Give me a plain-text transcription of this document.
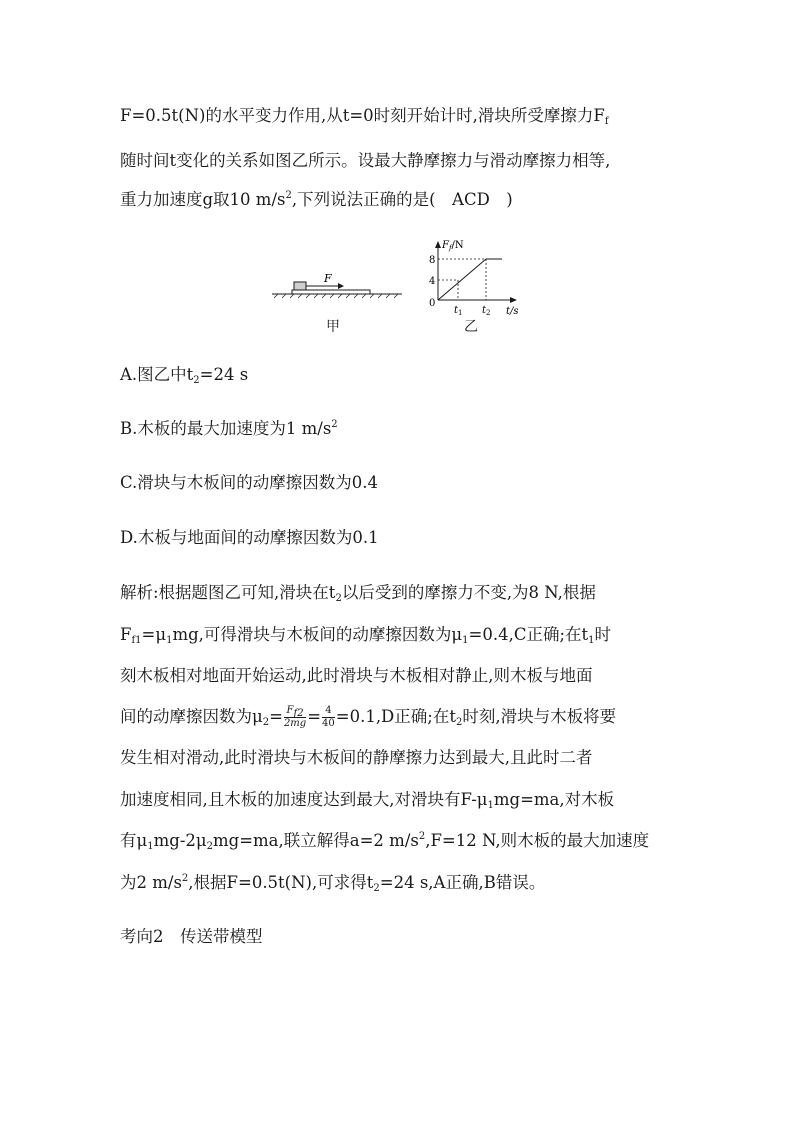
F=0.5t(N)的水平变力作用,从t=0时刻开始计时,滑块所受摩擦力$F_f$
随时间t变化的关系如图乙所示。设最大静摩擦力与滑动摩擦力相等,
重力加速度g取10 $m/s^2$,下列说法正确的是(　ACD　)
F
甲
$F_f/N$
8
4
0
$t_1$ $t_2$ t/s
乙
A.图乙中$t_2=24$ s
B.木板的最大加速度为1 $m/s^2$
C.滑块与木板间的动摩擦因数为0.4
D.木板与地面间的动摩擦因数为0.1
解析:根据题图乙可知,滑块在$t_2$以后受到的摩擦力不变,为8 N,根据
$F_{f1}=\mu_1mg$,可得滑块与木板间的动摩擦因数为$\mu_1=0.4,C$正确;在$t_1$时
刻木板相对地面开始运动,此时滑块与木板相对静止,则木板与地面
间的动摩擦因数为$\mu_2= \frac{F_{f2}}{2mg} = \frac{4}{40} =0.1,D$正确;在$t_2$时刻,滑块与木板将要
发生相对滑动,此时滑块与木板间的静摩擦力达到最大,且此时二者
加速度相同,且木板的加速度达到最大,对滑块有$F-\mu_1mg=ma$,对木板
有$\mu_1mg-2\mu_2mg=ma$,联立解得a=2 $m/s^2,F=12$ N,则木板的最大加速度
为2 $m/s^2$,根据F=0.5t(N),可求得$t_2=24$ s,A正确,B错误。
考向2　传送带模型
